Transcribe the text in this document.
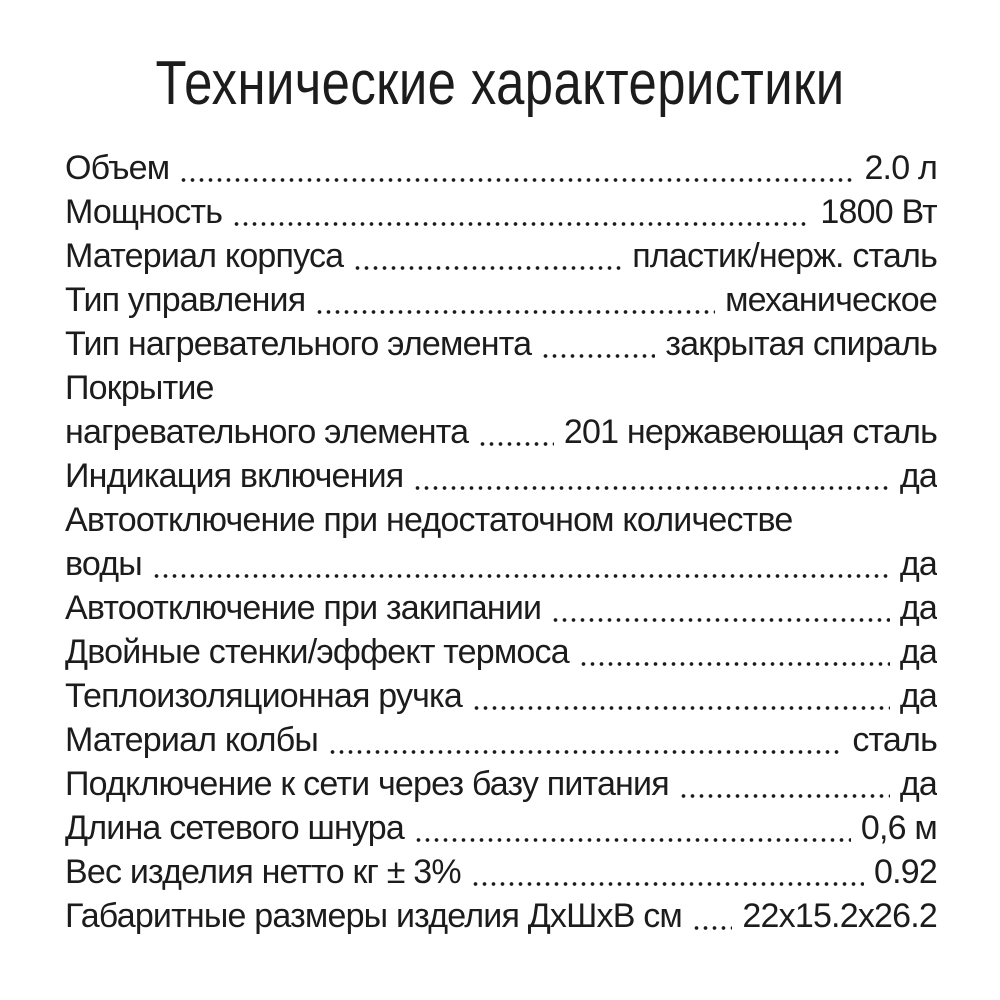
Технические характеристики
Объем	2.0 л
Мощность	1800 Вт
Материал корпуса	пластик/нерж. сталь
Тип управления	механическое
Тип нагревательного элемента	закрытая спираль
Покрытие
нагревательного элемента	201 нержавеющая сталь
Индикация включения	да
Автоотключение при недостаточном количестве
воды	да
Автоотключение при закипании	да
Двойные стенки/эффект термоса	да
Теплоизоляционная ручка	да
Материал колбы	сталь
Подключение к сети через базу питания	да
Длина сетевого шнура	0,6 м
Вес изделия нетто кг ± 3%	0.92
Габаритные размеры изделия ДхШхВ см 22x15.2x26.2
